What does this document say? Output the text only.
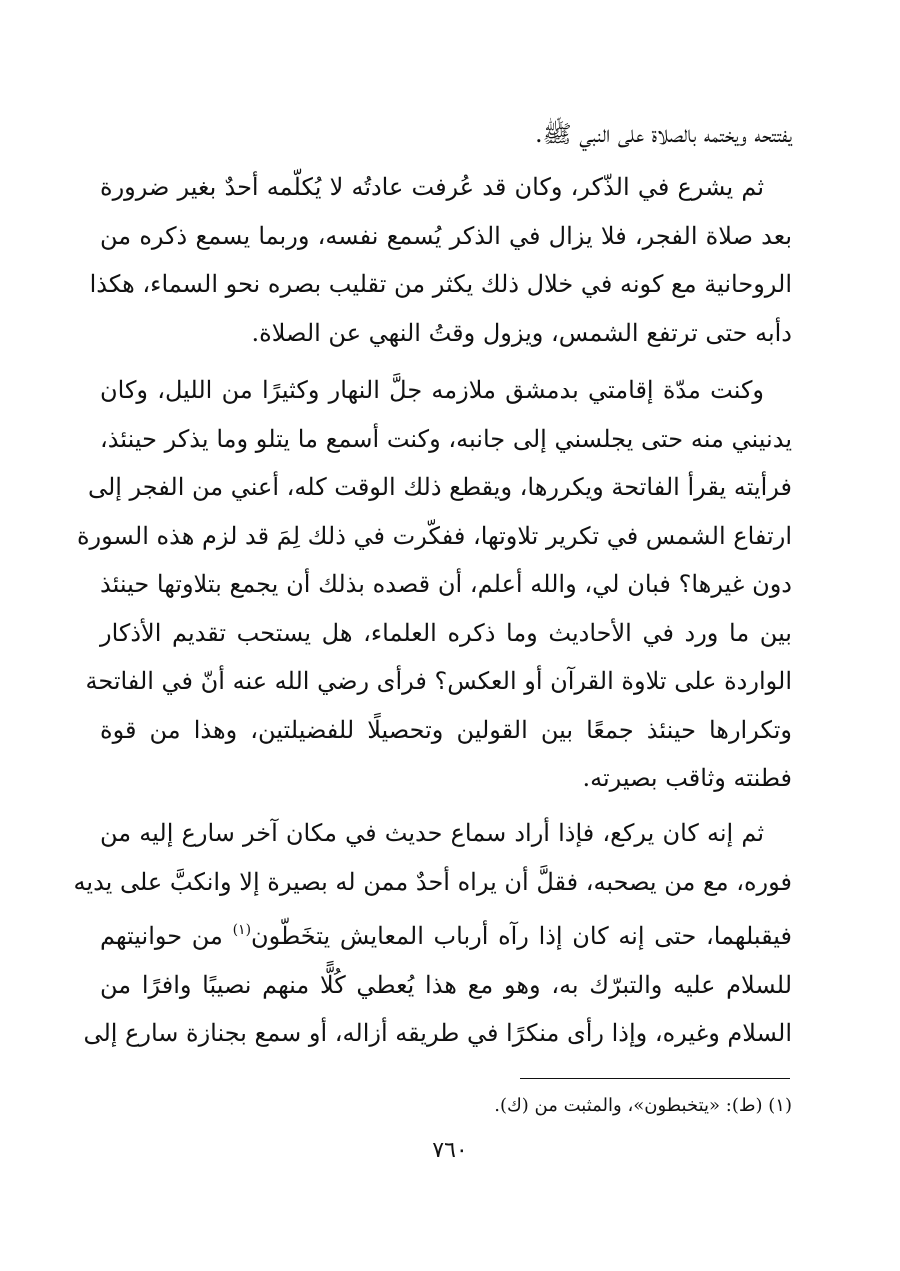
يفتتحه ويختمه بالصلاة على النبي ﷺ.
ثم يشرع في الذّكر، وكان قد عُرفت عادتُه لا يُكلّمه أحدٌ بغير ضرورة
بعد صلاة الفجر، فلا يزال في الذكر يُسمع نفسه، وربما يسمع ذكره من
الروحانية مع كونه في خلال ذلك يكثر من تقليب بصره نحو السماء، هكذا
دأبه حتى ترتفع الشمس، ويزول وقتُ النهي عن الصلاة.
وكنت مدّة إقامتي بدمشق ملازمه جلَّ النهار وكثيرًا من الليل، وكان
يدنيني منه حتى يجلسني إلى جانبه، وكنت أسمع ما يتلو وما يذكر حينئذ،
فرأيته يقرأ الفاتحة ويكررها، ويقطع ذلك الوقت كله، أعني من الفجر إلى
ارتفاع الشمس في تكرير تلاوتها، ففكّرت في ذلك لِمَ قد لزم هذه السورة
دون غيرها؟ فبان لي، والله أعلم، أن قصده بذلك أن يجمع بتلاوتها حينئذ
بين ما ورد في الأحاديث وما ذكره العلماء، هل يستحب تقديم الأذكار
الواردة على تلاوة القرآن أو العكس؟ فرأى رضي الله عنه أنّ في الفاتحة
وتكرارها حينئذ جمعًا بين القولين وتحصيلًا للفضيلتين، وهذا من قوة
فطنته وثاقب بصيرته.
ثم إنه كان يركع، فإذا أراد سماع حديث في مكان آخر سارع إليه من
فوره، مع من يصحبه، فقلَّ أن يراه أحدٌ ممن له بصيرة إلا وانكبَّ على يديه
فيقبلهما، حتى إنه كان إذا رآه أرباب المعايش يتخَطّون$^{(١)}$ من حوانيتهم
للسلام عليه والتبرّك به، وهو مع هذا يُعطي كُلًّا منهم نصيبًا وافرًا من
السلام وغيره، وإذا رأى منكرًا في طريقه أزاله، أو سمع بجنازة سارع إلى
(١) (ط): «يتخبطون»، والمثبت من (ك).
٧٦٠
